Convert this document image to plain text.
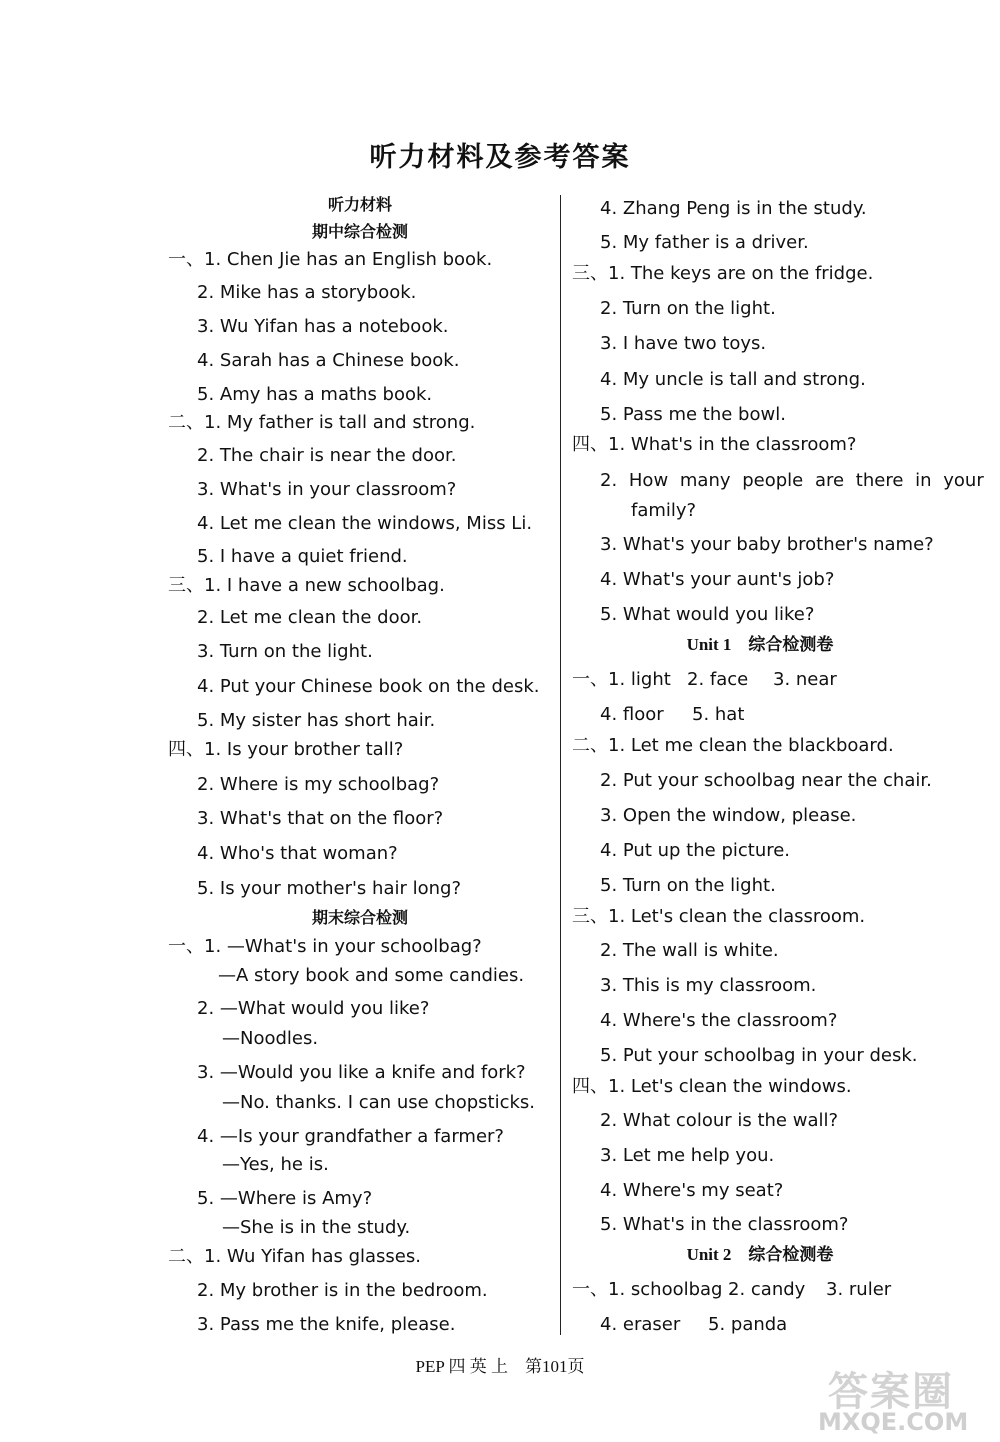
听力材料及参考答案
听力材料
期中综合检测
一、1. Chen Jie has an English book.
2. Mike has a storybook.
3. Wu Yifan has a notebook.
4. Sarah has a Chinese book.
5. Amy has a maths book.
二、1. My father is tall and strong.
2. The chair is near the door.
3. What's in your classroom?
4. Let me clean the windows, Miss Li.
5. I have a quiet friend.
三、1. I have a new schoolbag.
2. Let me clean the door.
3. Turn on the light.
4. Put your Chinese book on the desk.
5. My sister has short hair.
四、1. Is your brother tall?
2. Where is my schoolbag?
3. What's that on the floor?
4. Who's that woman?
5. Is your mother's hair long?
期末综合检测
一、1. —What's in your schoolbag?
—A story book and some candies.
2. —What would you like?
—Noodles.
3. —Would you like a knife and fork?
—No. thanks. I can use chopsticks.
4. —Is your grandfather a farmer?
—Yes, he is.
5. —Where is Amy?
—She is in the study.
二、1. Wu Yifan has glasses.
2. My brother is in the bedroom.
3. Pass me the knife, please.
4. Zhang Peng is in the study.
5. My father is a driver.
三、1. The keys are on the fridge.
2. Turn on the light.
3. I have two toys.
4. My uncle is tall and strong.
5. Pass me the bowl.
四、1. What's in the classroom?
2. How many people are there in your
family?
3. What's your baby brother's name?
4. What's your aunt's job?
5. What would you like?
Unit 1　综合检测卷
一、1. light 2. face 3. near
4. floor 5. hat
二、1. Let me clean the blackboard.
2. Put your schoolbag near the chair.
3. Open the window, please.
4. Put up the picture.
5. Turn on the light.
三、1. Let's clean the classroom.
2. The wall is white.
3. This is my classroom.
4. Where's the classroom?
5. Put your schoolbag in your desk.
四、1. Let's clean the windows.
2. What colour is the wall?
3. Let me help you.
4. Where's my seat?
5. What's in the classroom?
Unit 2　综合检测卷
一、1. schoolbag 2. candy 3. ruler
4. eraser 5. panda
PEP 四 英 上　第101页
答案圈
MXQE.COM
